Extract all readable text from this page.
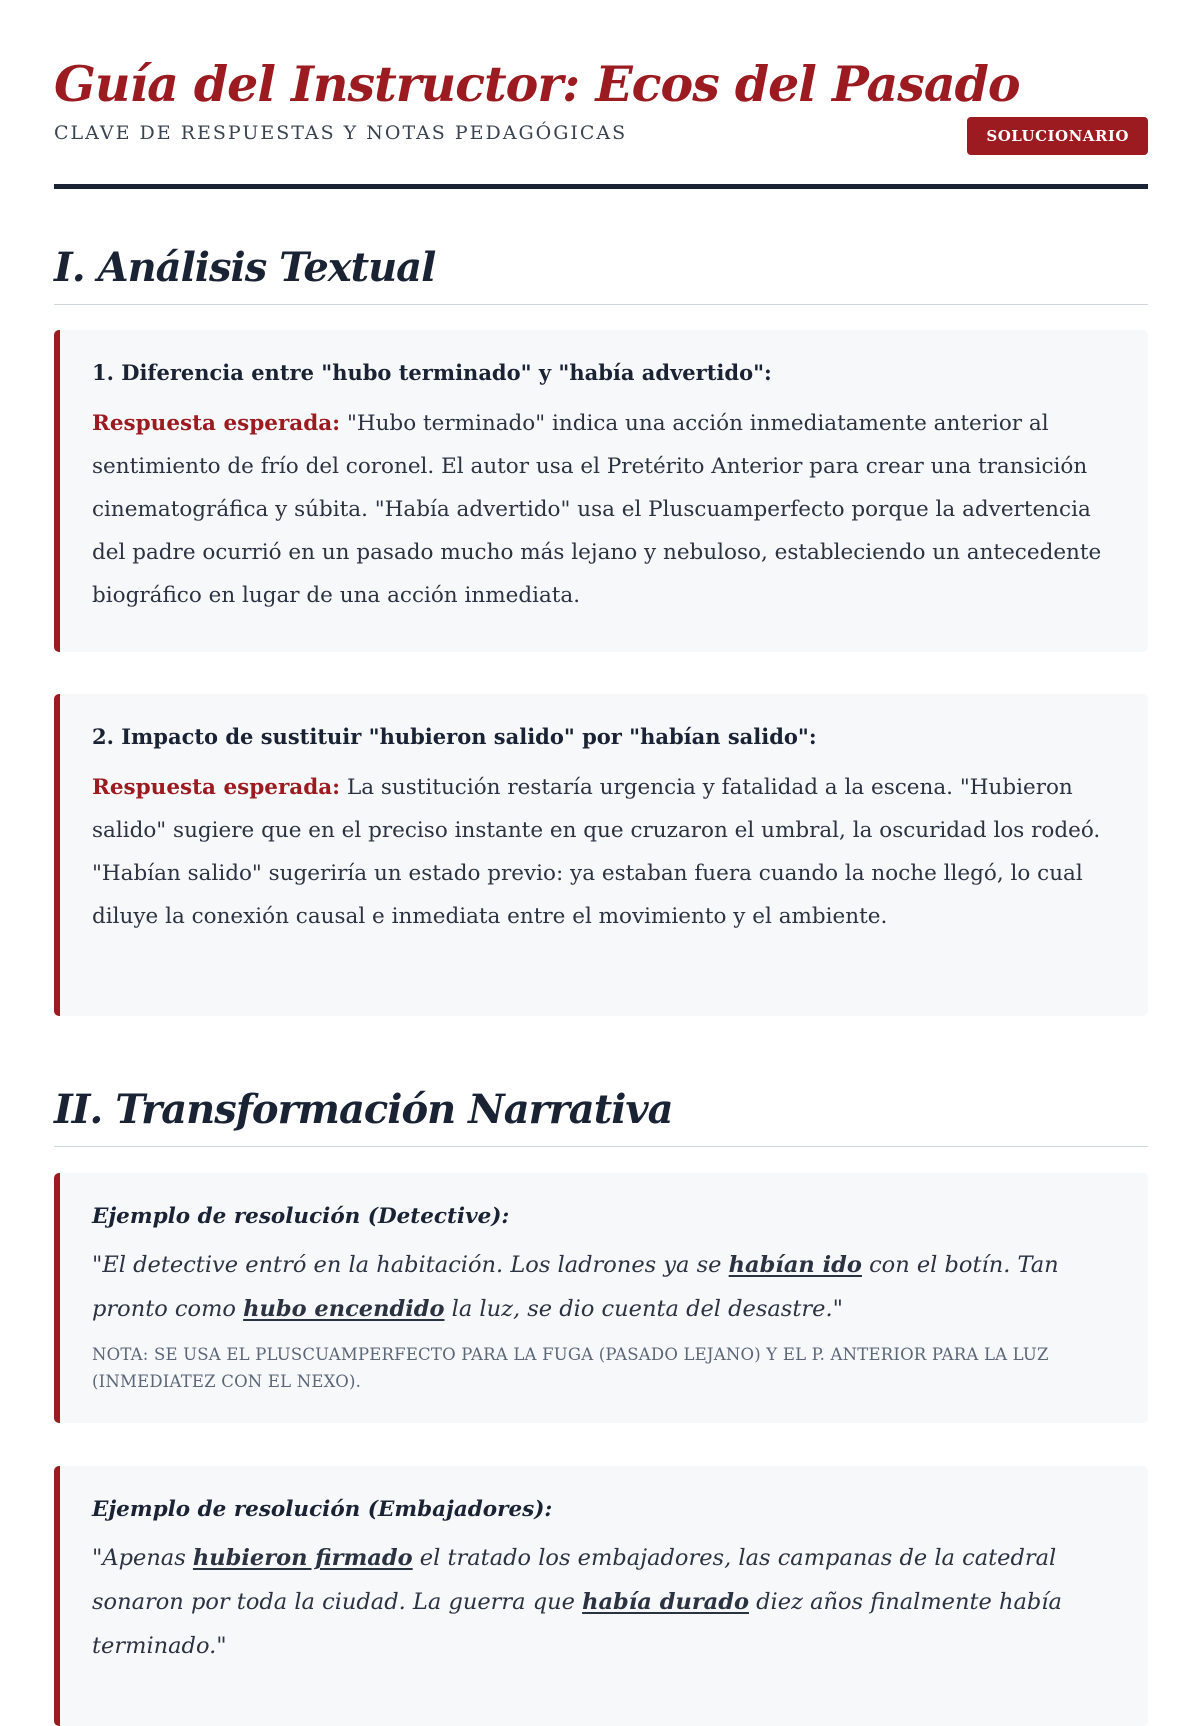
Guía del Instructor: Ecos del Pasado
CLAVE DE RESPUESTAS Y NOTAS PEDAGÓGICAS	SOLUCIONARIO
I. Análisis Textual

1. Diferencia entre "hubo terminado" y "había advertido":

Respuesta esperada: "Hubo terminado" indica una acción inmediatamente anterior al sentimiento de frío del coronel. El autor usa el Pretérito Anterior para crear una transición cinematográfica y súbita. "Había advertido" usa el Pluscuamperfecto porque la advertencia del padre ocurrió en un pasado mucho más lejano y nebuloso, estableciendo un antecedente biográfico en lugar de una acción inmediata.

2. Impacto de sustituir "hubieron salido" por "habían salido":

Respuesta esperada: La sustitución restaría urgencia y fatalidad a la escena. "Hubieron salido" sugiere que en el preciso instante en que cruzaron el umbral, la oscuridad los rodeó. "Habían salido" sugeriría un estado previo: ya estaban fuera cuando la noche llegó, lo cual diluye la conexión causal e inmediata entre el movimiento y el ambiente.

II. Transformación Narrativa

Ejemplo de resolución (Detective):

"El detective entró en la habitación. Los ladrones ya se habían ido con el botín. Tan pronto como hubo encendido la luz, se dio cuenta del desastre."

NOTA: SE USA EL PLUSCUAMPERFECTO PARA LA FUGA (PASADO LEJANO) Y EL P. ANTERIOR PARA LA LUZ (INMEDIATEZ CON EL NEXO).

Ejemplo de resolución (Embajadores):

"Apenas hubieron firmado el tratado los embajadores, las campanas de la catedral sonaron por toda la ciudad. La guerra que había durado diez años finalmente había terminado."
